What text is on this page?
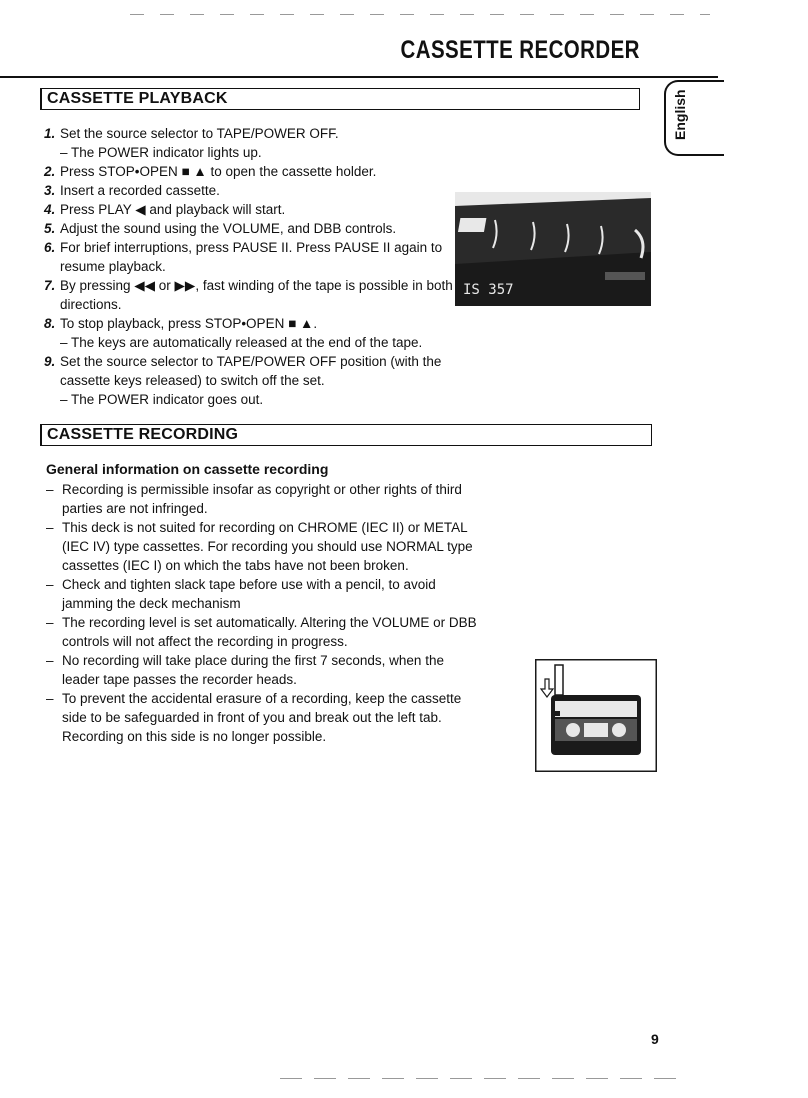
CASSETTE RECORDER
English
CASSETTE PLAYBACK
1. Set the source selector to TAPE/POWER OFF.
– The POWER indicator lights up.
2. Press STOP•OPEN ■ ▲ to open the cassette holder.
3. Insert a recorded cassette.
4. Press PLAY ◀ and playback will start.
5. Adjust the sound using the VOLUME, and DBB controls.
6. For brief interruptions, press PAUSE II. Press PAUSE II again to
resume playback.
7. By pressing ◀◀ or ▶▶, fast winding of the tape is possible in both
directions.
8. To stop playback, press STOP•OPEN ■ ▲.
– The keys are automatically released at the end of the tape.
9. Set the source selector to TAPE/POWER OFF position (with the
cassette keys released) to switch off the set.
– The POWER indicator goes out.
IS 357
CASSETTE RECORDING
General information on cassette recording
– Recording is permissible insofar as copyright or other rights of third
parties are not infringed.
– This deck is not suited for recording on CHROME (IEC II) or METAL
(IEC IV) type cassettes. For recording you should use NORMAL type
cassettes (IEC I) on which the tabs have not been broken.
– Check and tighten slack tape before use with a pencil, to avoid
jamming the deck mechanism
– The recording level is set automatically. Altering the VOLUME or DBB
controls will not affect the recording in progress.
– No recording will take place during the first 7 seconds, when the
leader tape passes the recorder heads.
– To prevent the accidental erasure of a recording, keep the cassette
side to be safeguarded in front of you and break out the left tab.
Recording on this side is no longer possible.
9
